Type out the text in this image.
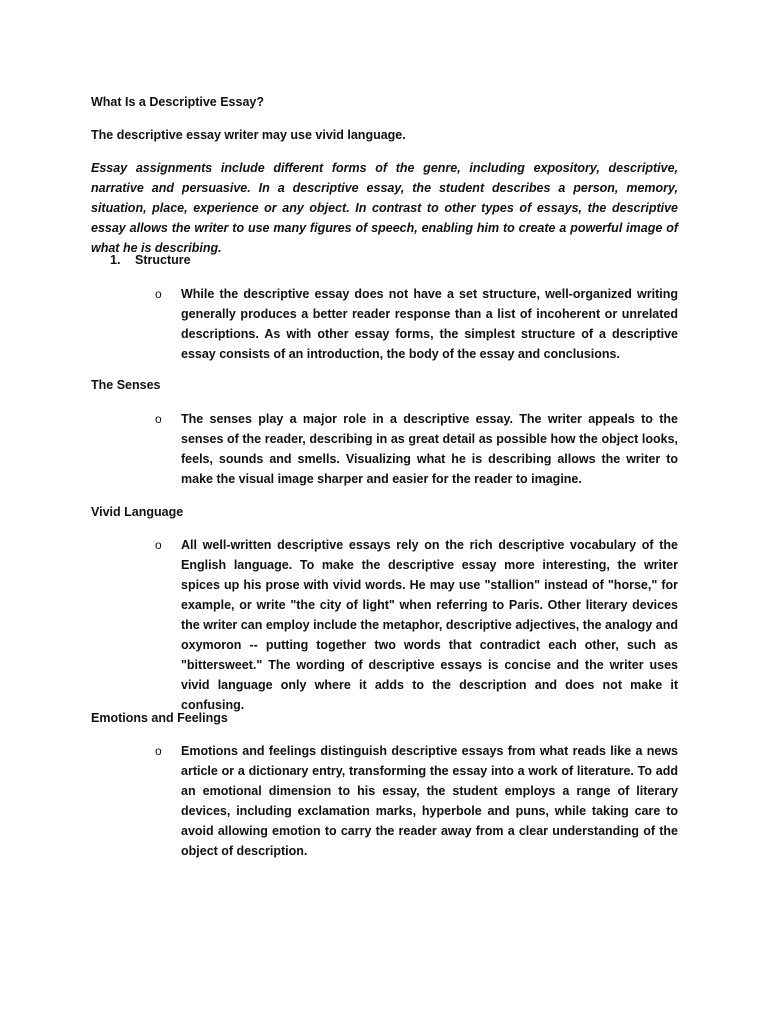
What Is a Descriptive Essay?

The descriptive essay writer may use vivid language.

Essay assignments include different forms of the genre, including expository, descriptive, narrative and persuasive. In a descriptive essay, the student describes a person, memory, situation, place, experience or any object. In contrast to other types of essays, the descriptive essay allows the writer to use many figures of speech, enabling him to create a powerful image of what he is describing.

1.	Structure
o While the descriptive essay does not have a set structure, well-organized writing generally produces a better reader response than a list of incoherent or unrelated descriptions. As with other essay forms, the simplest structure of a descriptive essay consists of an introduction, the body of the essay and conclusions.

The Senses

o The senses play a major role in a descriptive essay. The writer appeals to the senses of the reader, describing in as great detail as possible how the object looks, feels, sounds and smells. Visualizing what he is describing allows the writer to make the visual image sharper and easier for the reader to imagine.

Vivid Language

o All well-written descriptive essays rely on the rich descriptive vocabulary of the English language. To make the descriptive essay more interesting, the writer spices up his prose with vivid words. He may use "stallion" instead of "horse," for example, or write "the city of light" when referring to Paris. Other literary devices the writer can employ include the metaphor, descriptive adjectives, the analogy and oxymoron -- putting together two words that contradict each other, such as "bittersweet." The wording of descriptive essays is concise and the writer uses vivid language only where it adds to the description and does not make it confusing.

Emotions and Feelings

o Emotions and feelings distinguish descriptive essays from what reads like a news article or a dictionary entry, transforming the essay into a work of literature. To add an emotional dimension to his essay, the student employs a range of literary devices, including exclamation marks, hyperbole and puns, while taking care to avoid allowing emotion to carry the reader away from a clear understanding of the object of description.
